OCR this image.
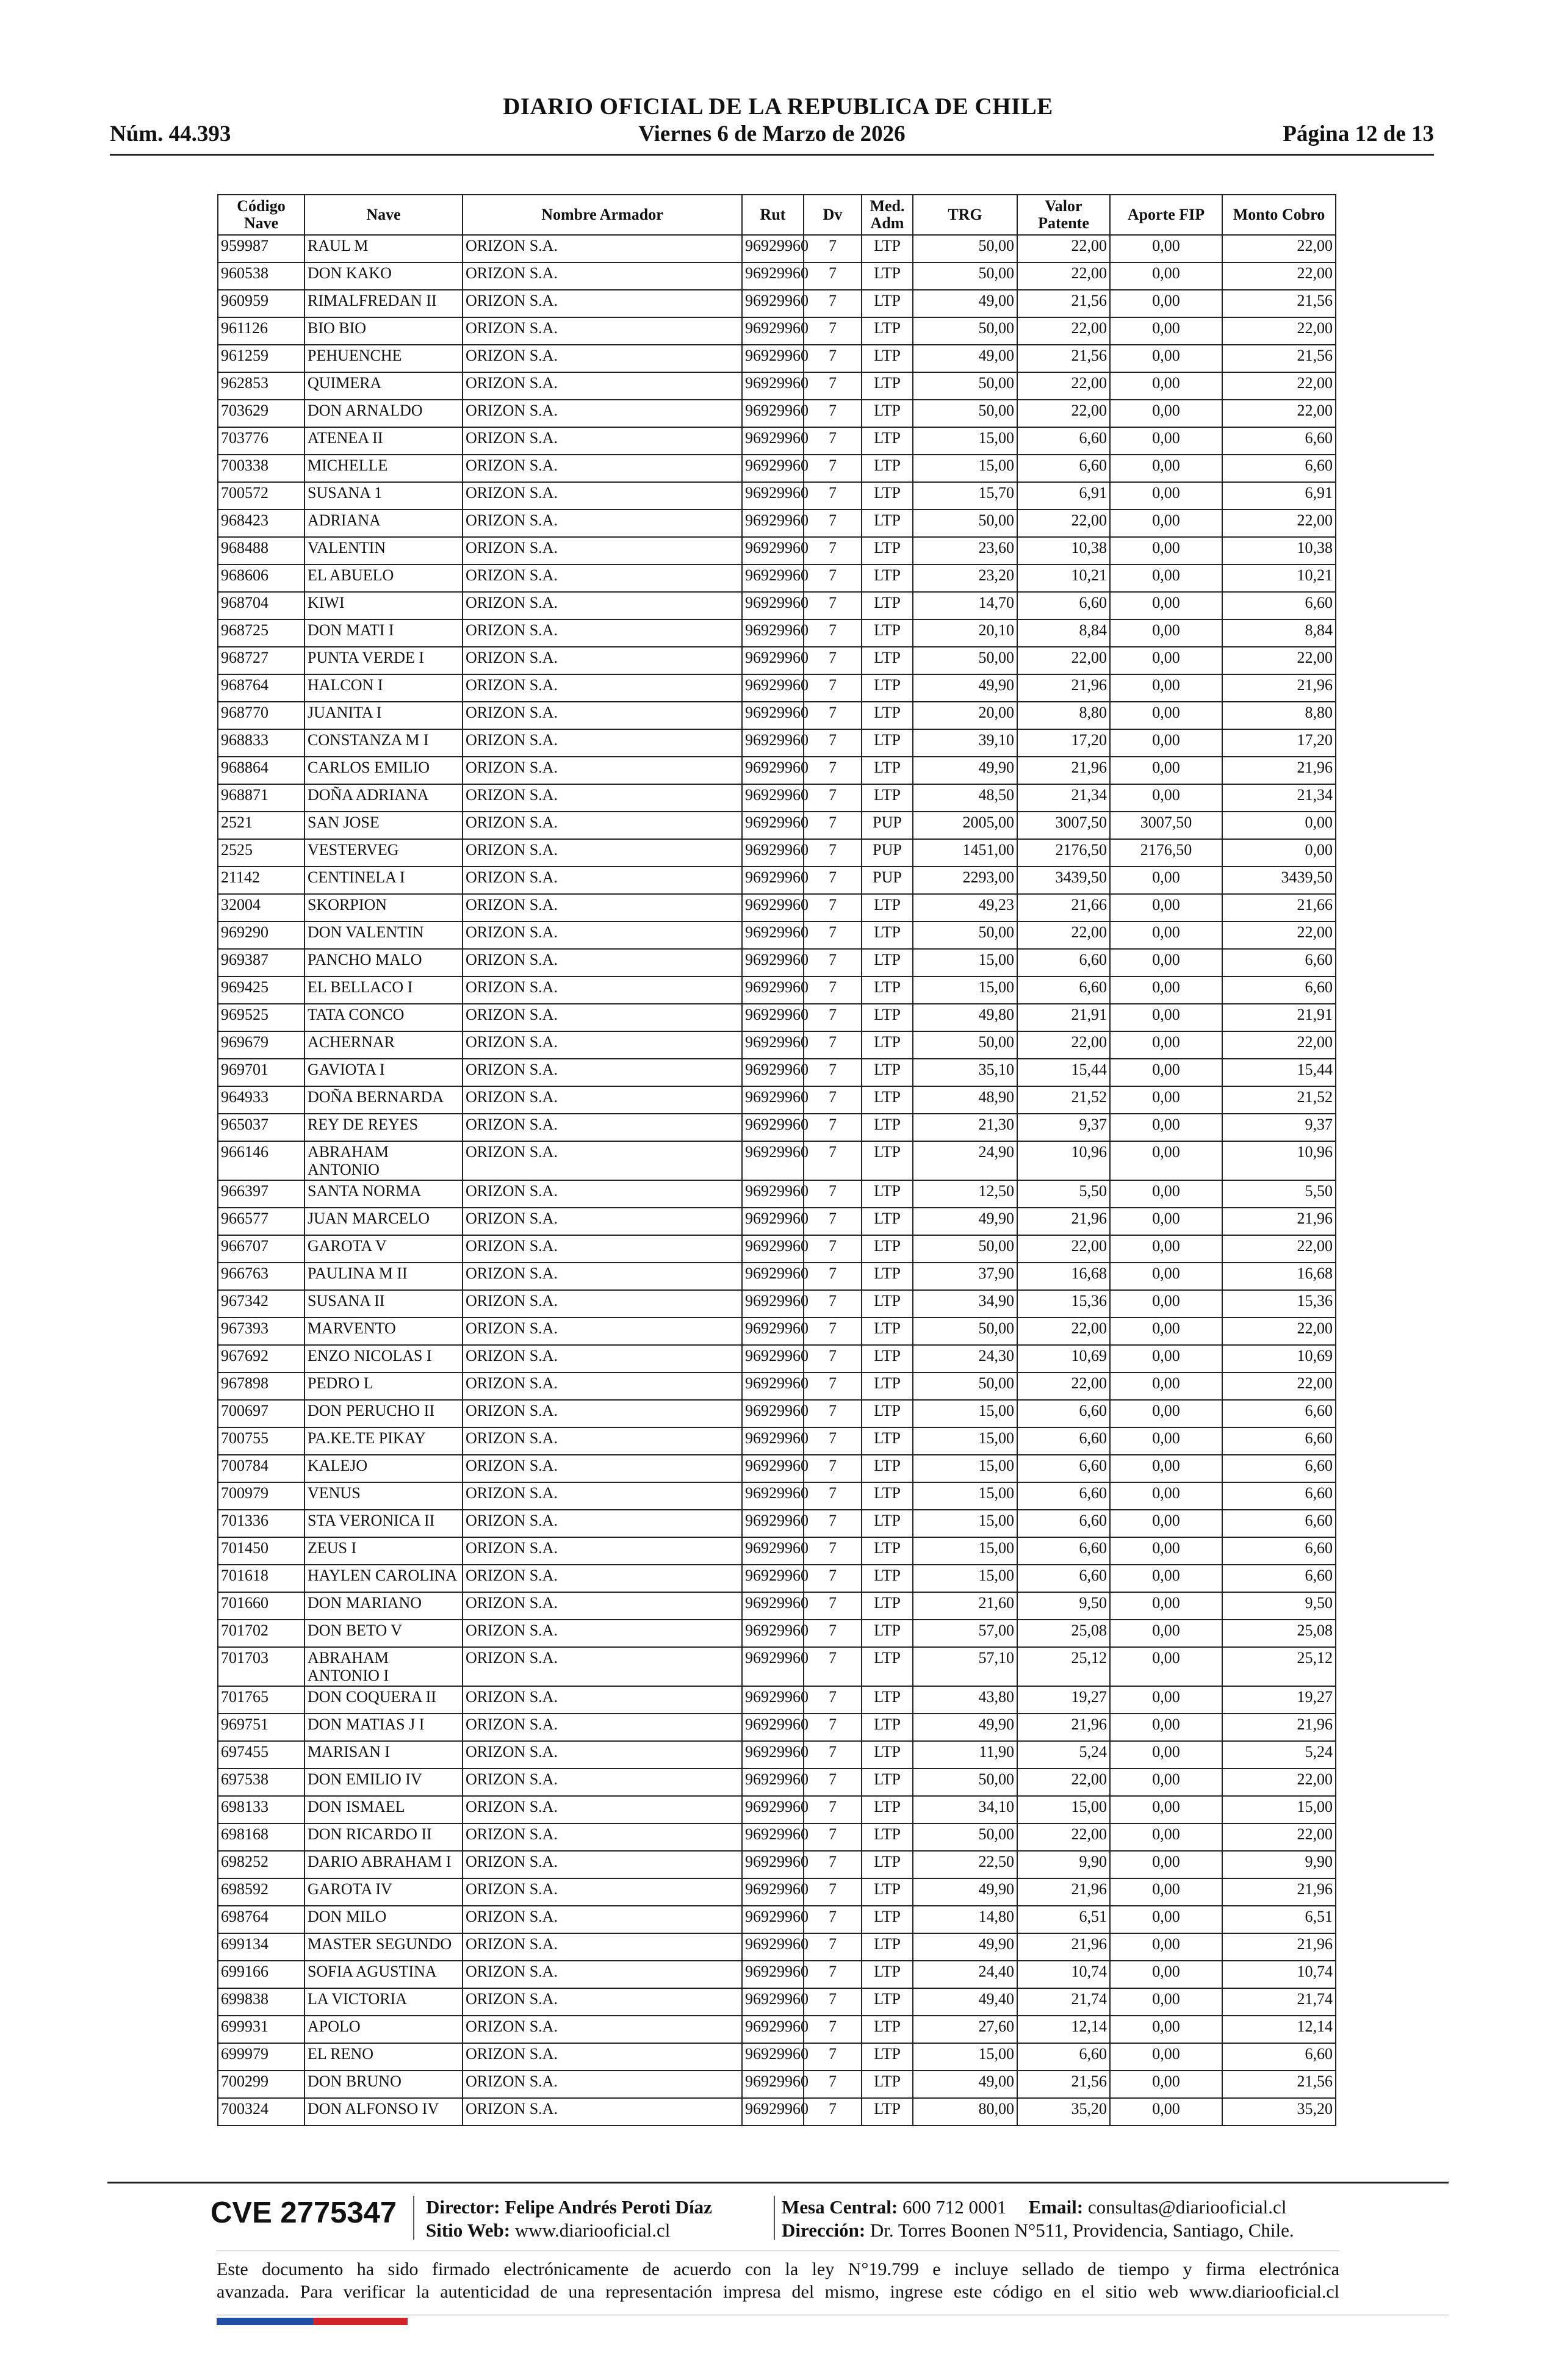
DIARIO OFICIAL DE LA REPUBLICA DE CHILE
Núm. 44.393	Viernes 6 de Marzo de 2026	Página 12 de 13
Código Nave	Nave	Nombre Armador	Rut	Dv	Med. Adm	TRG	Valor Patente	Aporte FIP	Monto Cobro
959987	RAUL M	ORIZON S.A.	96929960	7	LTP	50,00	22,00	0,00	22,00
960538	DON KAKO	ORIZON S.A.	96929960	7	LTP	50,00	22,00	0,00	22,00
960959	RIMALFREDAN II	ORIZON S.A.	96929960	7	LTP	49,00	21,56	0,00	21,56
961126	BIO BIO	ORIZON S.A.	96929960	7	LTP	50,00	22,00	0,00	22,00
961259	PEHUENCHE	ORIZON S.A.	96929960	7	LTP	49,00	21,56	0,00	21,56
962853	QUIMERA	ORIZON S.A.	96929960	7	LTP	50,00	22,00	0,00	22,00
703629	DON ARNALDO	ORIZON S.A.	96929960	7	LTP	50,00	22,00	0,00	22,00
703776	ATENEA II	ORIZON S.A.	96929960	7	LTP	15,00	6,60	0,00	6,60
700338	MICHELLE	ORIZON S.A.	96929960	7	LTP	15,00	6,60	0,00	6,60
700572	SUSANA 1	ORIZON S.A.	96929960	7	LTP	15,70	6,91	0,00	6,91
968423	ADRIANA	ORIZON S.A.	96929960	7	LTP	50,00	22,00	0,00	22,00
968488	VALENTIN	ORIZON S.A.	96929960	7	LTP	23,60	10,38	0,00	10,38
968606	EL ABUELO	ORIZON S.A.	96929960	7	LTP	23,20	10,21	0,00	10,21
968704	KIWI	ORIZON S.A.	96929960	7	LTP	14,70	6,60	0,00	6,60
968725	DON MATI I	ORIZON S.A.	96929960	7	LTP	20,10	8,84	0,00	8,84
968727	PUNTA VERDE I	ORIZON S.A.	96929960	7	LTP	50,00	22,00	0,00	22,00
968764	HALCON I	ORIZON S.A.	96929960	7	LTP	49,90	21,96	0,00	21,96
968770	JUANITA I	ORIZON S.A.	96929960	7	LTP	20,00	8,80	0,00	8,80
968833	CONSTANZA M I	ORIZON S.A.	96929960	7	LTP	39,10	17,20	0,00	17,20
968864	CARLOS EMILIO	ORIZON S.A.	96929960	7	LTP	49,90	21,96	0,00	21,96
968871	DOÑA ADRIANA	ORIZON S.A.	96929960	7	LTP	48,50	21,34	0,00	21,34
2521	SAN JOSE	ORIZON S.A.	96929960	7	PUP	2005,00	3007,50	3007,50	0,00
2525	VESTERVEG	ORIZON S.A.	96929960	7	PUP	1451,00	2176,50	2176,50	0,00
21142	CENTINELA I	ORIZON S.A.	96929960	7	PUP	2293,00	3439,50	0,00	3439,50
32004	SKORPION	ORIZON S.A.	96929960	7	LTP	49,23	21,66	0,00	21,66
969290	DON VALENTIN	ORIZON S.A.	96929960	7	LTP	50,00	22,00	0,00	22,00
969387	PANCHO MALO	ORIZON S.A.	96929960	7	LTP	15,00	6,60	0,00	6,60
969425	EL BELLACO I	ORIZON S.A.	96929960	7	LTP	15,00	6,60	0,00	6,60
969525	TATA CONCO	ORIZON S.A.	96929960	7	LTP	49,80	21,91	0,00	21,91
969679	ACHERNAR	ORIZON S.A.	96929960	7	LTP	50,00	22,00	0,00	22,00
969701	GAVIOTA I	ORIZON S.A.	96929960	7	LTP	35,10	15,44	0,00	15,44
964933	DOÑA BERNARDA	ORIZON S.A.	96929960	7	LTP	48,90	21,52	0,00	21,52
965037	REY DE REYES	ORIZON S.A.	96929960	7	LTP	21,30	9,37	0,00	9,37
966146	ABRAHAM ANTONIO	ORIZON S.A.	96929960	7	LTP	24,90	10,96	0,00	10,96
966397	SANTA NORMA	ORIZON S.A.	96929960	7	LTP	12,50	5,50	0,00	5,50
966577	JUAN MARCELO	ORIZON S.A.	96929960	7	LTP	49,90	21,96	0,00	21,96
966707	GAROTA V	ORIZON S.A.	96929960	7	LTP	50,00	22,00	0,00	22,00
966763	PAULINA M II	ORIZON S.A.	96929960	7	LTP	37,90	16,68	0,00	16,68
967342	SUSANA II	ORIZON S.A.	96929960	7	LTP	34,90	15,36	0,00	15,36
967393	MARVENTO	ORIZON S.A.	96929960	7	LTP	50,00	22,00	0,00	22,00
967692	ENZO NICOLAS I	ORIZON S.A.	96929960	7	LTP	24,30	10,69	0,00	10,69
967898	PEDRO L	ORIZON S.A.	96929960	7	LTP	50,00	22,00	0,00	22,00
700697	DON PERUCHO II	ORIZON S.A.	96929960	7	LTP	15,00	6,60	0,00	6,60
700755	PA.KE.TE PIKAY	ORIZON S.A.	96929960	7	LTP	15,00	6,60	0,00	6,60
700784	KALEJO	ORIZON S.A.	96929960	7	LTP	15,00	6,60	0,00	6,60
700979	VENUS	ORIZON S.A.	96929960	7	LTP	15,00	6,60	0,00	6,60
701336	STA VERONICA II	ORIZON S.A.	96929960	7	LTP	15,00	6,60	0,00	6,60
701450	ZEUS I	ORIZON S.A.	96929960	7	LTP	15,00	6,60	0,00	6,60
701618	HAYLEN CAROLINA	ORIZON S.A.	96929960	7	LTP	15,00	6,60	0,00	6,60
701660	DON MARIANO	ORIZON S.A.	96929960	7	LTP	21,60	9,50	0,00	9,50
701702	DON BETO V	ORIZON S.A.	96929960	7	LTP	57,00	25,08	0,00	25,08
701703	ABRAHAM ANTONIO I	ORIZON S.A.	96929960	7	LTP	57,10	25,12	0,00	25,12
701765	DON COQUERA II	ORIZON S.A.	96929960	7	LTP	43,80	19,27	0,00	19,27
969751	DON MATIAS J I	ORIZON S.A.	96929960	7	LTP	49,90	21,96	0,00	21,96
697455	MARISAN I	ORIZON S.A.	96929960	7	LTP	11,90	5,24	0,00	5,24
697538	DON EMILIO IV	ORIZON S.A.	96929960	7	LTP	50,00	22,00	0,00	22,00
698133	DON ISMAEL	ORIZON S.A.	96929960	7	LTP	34,10	15,00	0,00	15,00
698168	DON RICARDO II	ORIZON S.A.	96929960	7	LTP	50,00	22,00	0,00	22,00
698252	DARIO ABRAHAM I	ORIZON S.A.	96929960	7	LTP	22,50	9,90	0,00	9,90
698592	GAROTA IV	ORIZON S.A.	96929960	7	LTP	49,90	21,96	0,00	21,96
698764	DON MILO	ORIZON S.A.	96929960	7	LTP	14,80	6,51	0,00	6,51
699134	MASTER SEGUNDO	ORIZON S.A.	96929960	7	LTP	49,90	21,96	0,00	21,96
699166	SOFIA AGUSTINA	ORIZON S.A.	96929960	7	LTP	24,40	10,74	0,00	10,74
699838	LA VICTORIA	ORIZON S.A.	96929960	7	LTP	49,40	21,74	0,00	21,74
699931	APOLO	ORIZON S.A.	96929960	7	LTP	27,60	12,14	0,00	12,14
699979	EL RENO	ORIZON S.A.	96929960	7	LTP	15,00	6,60	0,00	6,60
700299	DON BRUNO	ORIZON S.A.	96929960	7	LTP	49,00	21,56	0,00	21,56
700324	DON ALFONSO IV	ORIZON S.A.	96929960	7	LTP	80,00	35,20	0,00	35,20
CVE 2775347 Director: Felipe Andrés Peroti Díaz
Sitio Web: www.diariooficial.cl
Mesa Central: 600 712 0001 Email: consultas@diariooficial.cl
Dirección: Dr. Torres Boonen N°511, Providencia, Santiago, Chile.
Este documento ha sido firmado electrónicamente de acuerdo con la ley N°19.799 e incluye sellado de tiempo y firma electrónica
avanzada. Para verificar la autenticidad de una representación impresa del mismo, ingrese este código en el sitio web www.diariooficial.cl
